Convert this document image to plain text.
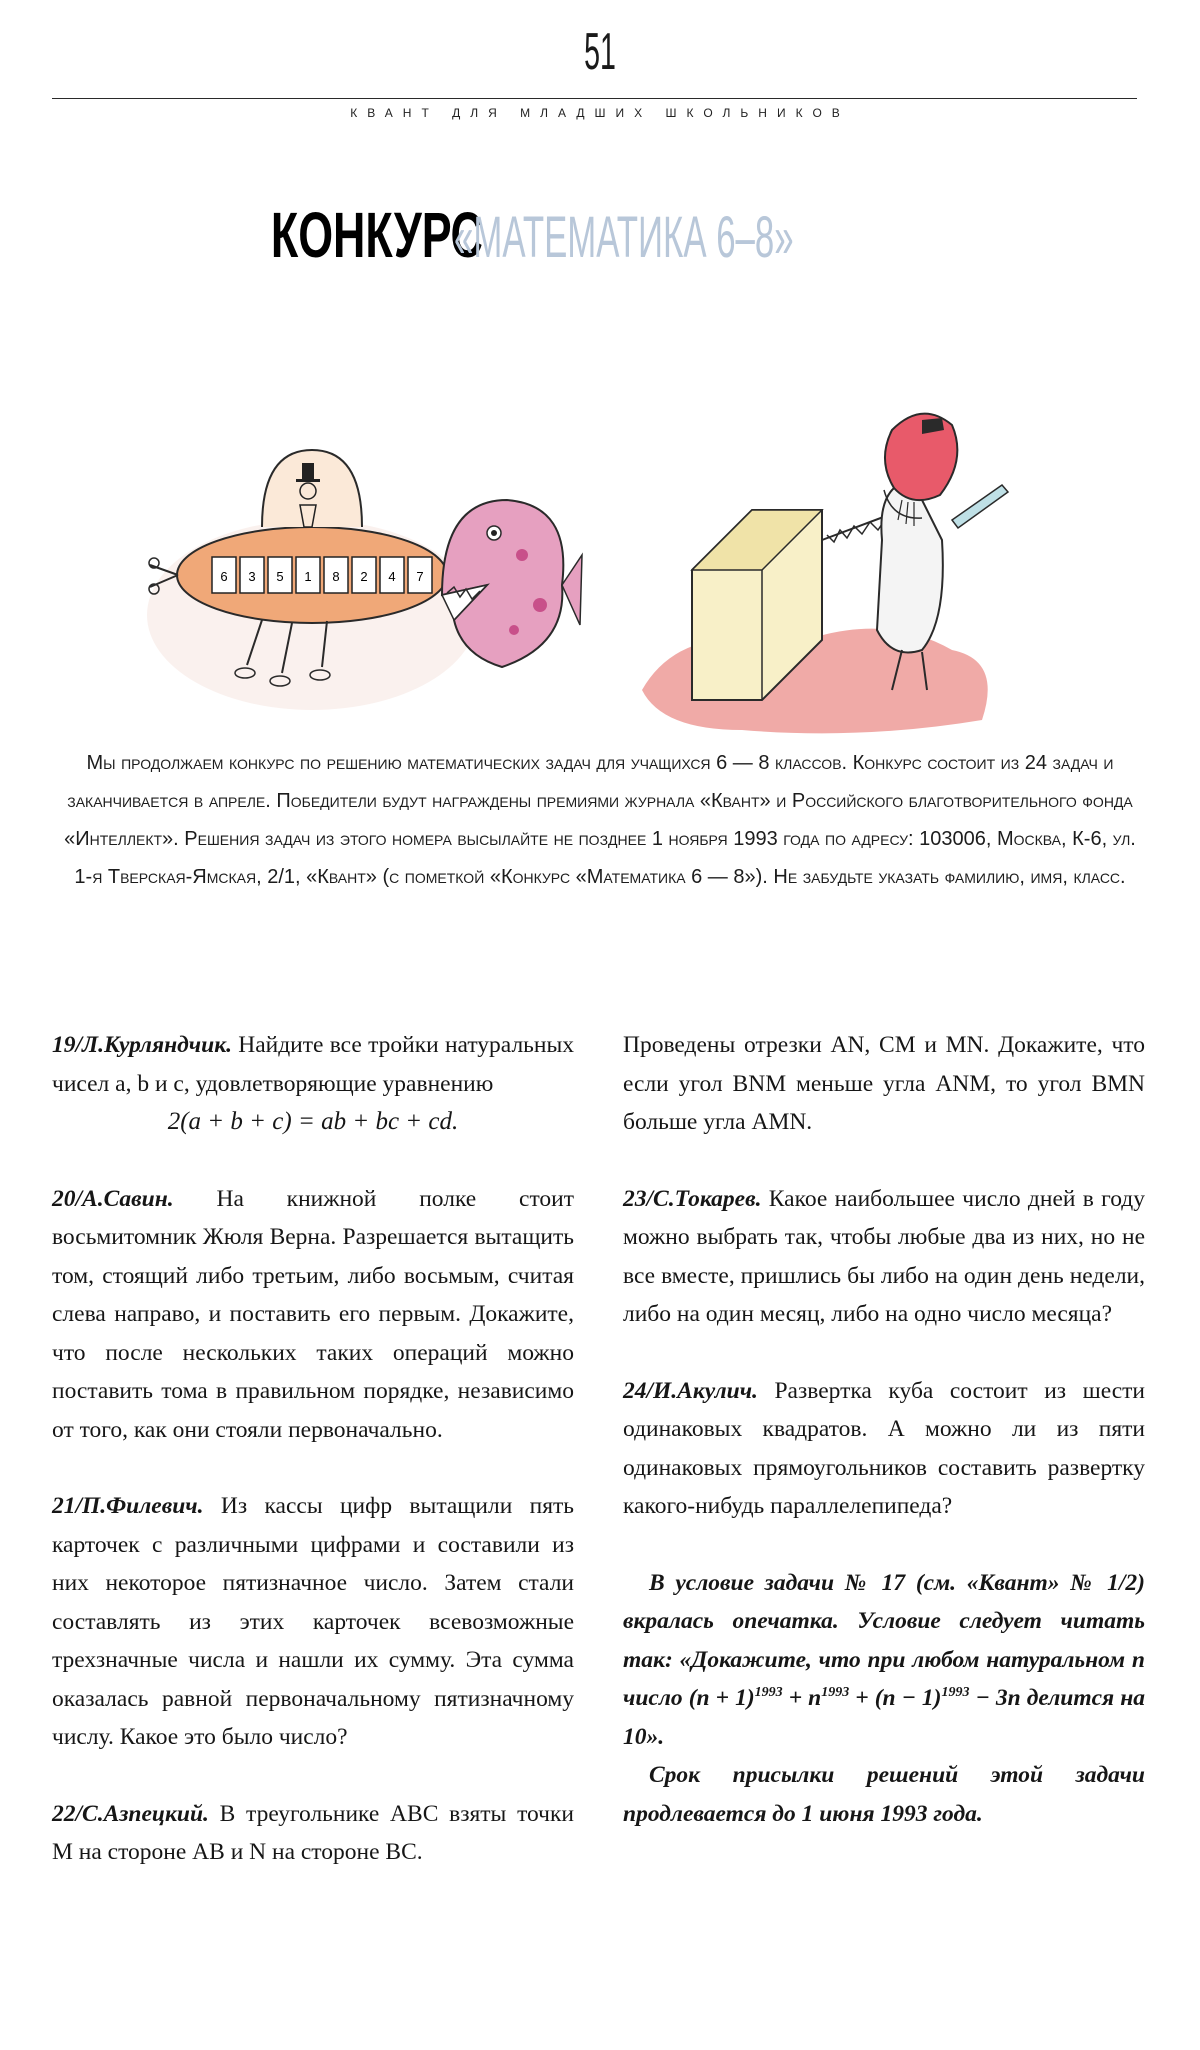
51
КВАНТ ДЛЯ МЛАДШИХ ШКОЛЬНИКОВ
КОНКУРС «МАТЕМАТИКА 6–8»
6 3 5 1 8 2 4 7

Мы продолжаем конкурс по решению математических задач для учащихся 6 — 8 классов. Конкурс состоит из 24 задач и заканчивается в апреле. Победители будут награждены премиями журнала «Квант» и Российского благотворительного фонда «Интеллект». Решения задач из этого номера высылайте не позднее 1 ноября 1993 года по адресу: 103006, Москва, К-6, ул. 1-я Тверская-Ямская, 2/1, «Квант» (с пометкой «Конкурс «Математика 6 — 8»). Не забудьте указать фамилию, имя, класс.

19/Л.Курляндчик. Найдите все тройки натуральных чисел a, b и c, удовлетворяющие уравнению

2(a + b + c) = ab + bc + cd.

20/А.Савин. На книжной полке стоит восьмитомник Жюля Верна. Разрешается вытащить том, стоящий либо третьим, либо восьмым, считая слева направо, и поставить его первым. Докажите, что после нескольких таких операций можно поставить тома в правильном порядке, независимо от того, как они стояли первоначально.
21/П.Филевич. Из кассы цифр вытащили пять карточек с различными цифрами и составили из них некоторое пятизначное число. Затем стали составлять из этих карточек всевозможные трехзначные числа и нашли их сумму. Эта сумма оказалась равной первоначальному пятизначному числу. Какое это было число?
22/С.Азпецкий. В треугольнике ABC взяты точки M на стороне AB и N на стороне BC.
Проведены отрезки AN, CM и MN. Докажите, что если угол BNM меньше угла ANM, то угол BMN больше угла AMN.
23/С.Токарев. Какое наибольшее число дней в году можно выбрать так, чтобы любые два из них, но не все вместе, пришлись бы либо на один день недели, либо на один месяц, либо на одно число месяца?
24/И.Акулич. Развертка куба состоит из шести одинаковых квадратов. А можно ли из пяти одинаковых прямоугольников составить развертку какого-нибудь параллелепипеда?

В условие задачи № 17 (см. «Квант» № 1/2) вкралась опечатка. Условие следует читать так: «Докажите, что при любом натуральном n число $(n + 1)^{1993} + n^{1993} + (n - 1)^{1993} - 3n$ делится на 10».

Срок присылки решений этой задачи продлевается до 1 июня 1993 года.
